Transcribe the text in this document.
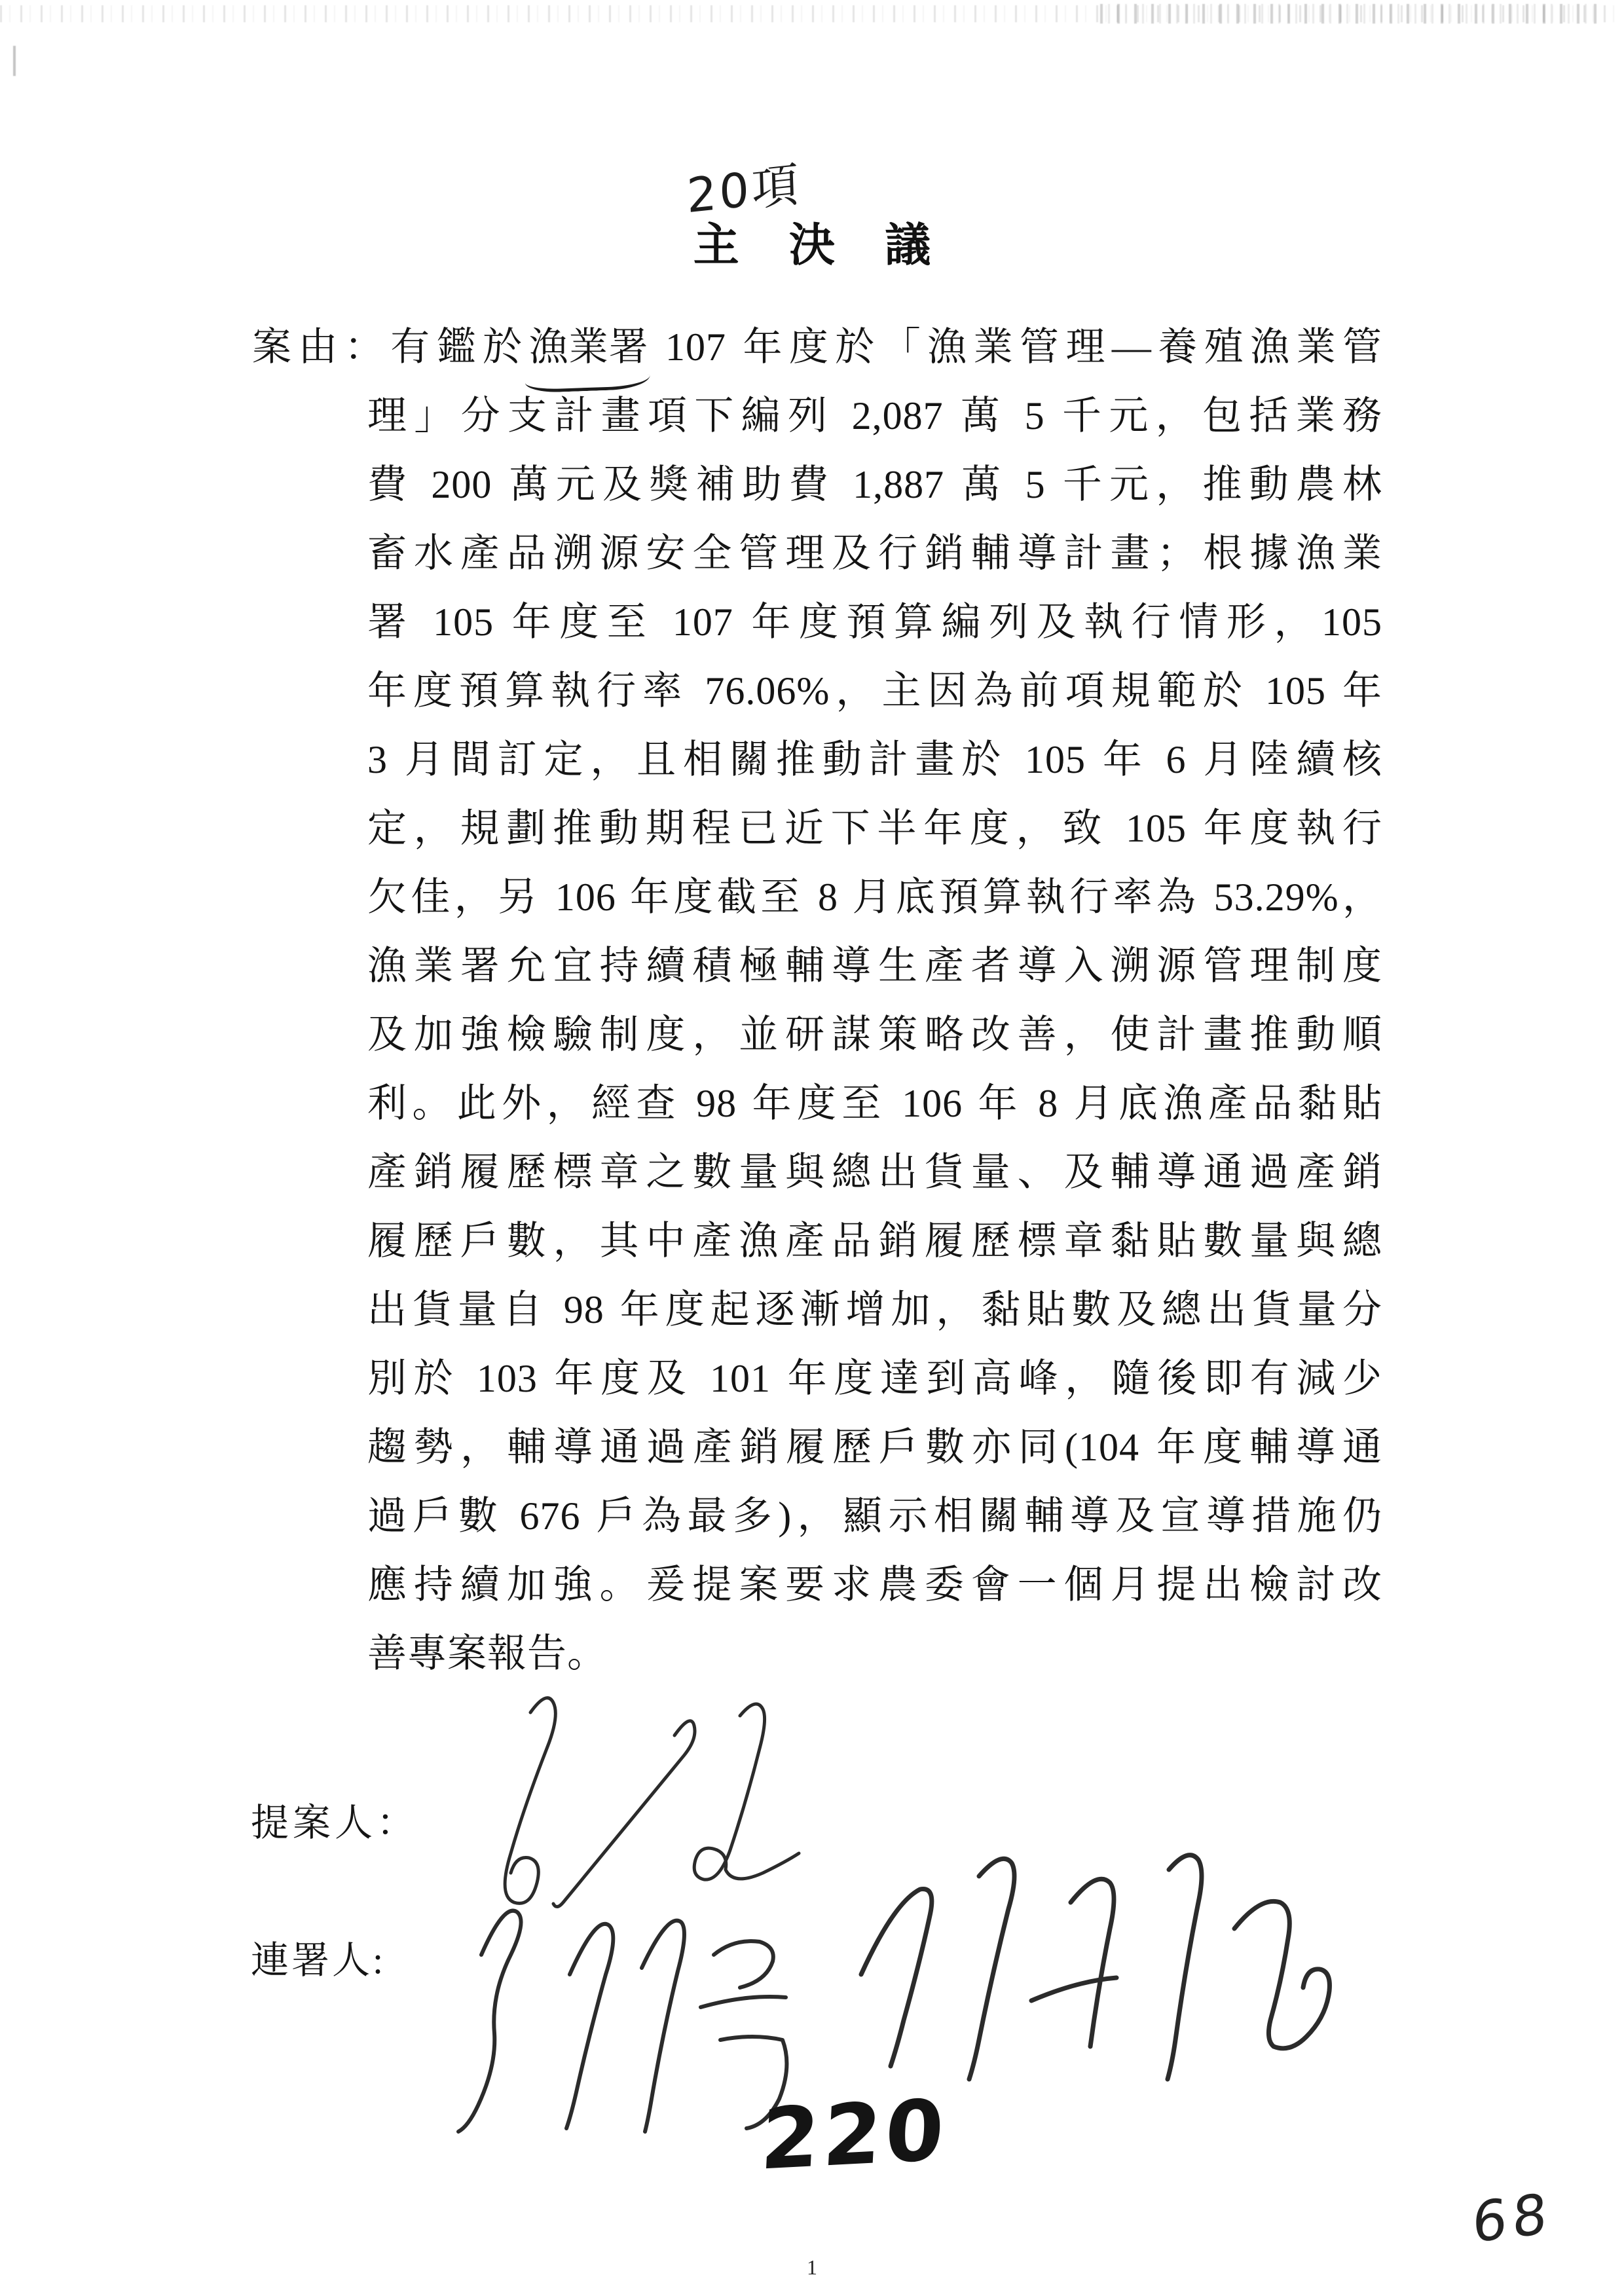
20項
主 決 議
案由：有鑑於漁業署 107 年度於「漁業管理—養殖漁業管
理」分支計畫項下編列 2,087 萬 5 千元，包括業務
費 200 萬元及獎補助費 1,887 萬 5 千元，推動農林
畜水產品溯源安全管理及行銷輔導計畫；根據漁業
署 105 年度至 107 年度預算編列及執行情形，105
年度預算執行率 76.06%，主因為前項規範於 105 年
3 月間訂定，且相關推動計畫於 105 年 6 月陸續核
定，規劃推動期程已近下半年度，致 105 年度執行
欠佳，另 106 年度截至 8 月底預算執行率為 53.29%，
漁業署允宜持續積極輔導生產者導入溯源管理制度
及加強檢驗制度，並研謀策略改善，使計畫推動順
利。此外，經查 98 年度至 106 年 8 月底漁產品黏貼
產銷履歷標章之數量與總出貨量、及輔導通過產銷
履歷戶數，其中產漁產品銷履歷標章黏貼數量與總
出貨量自 98 年度起逐漸增加，黏貼數及總出貨量分
別於 103 年度及 101 年度達到高峰，隨後即有減少
趨勢，輔導通過產銷履歷戶數亦同(104 年度輔導通
過戶數 676 戶為最多)，顯示相關輔導及宣導措施仍
應持續加強。爰提案要求農委會一個月提出檢討改
善專案報告。
提案人：
連署人:
220
68
1
